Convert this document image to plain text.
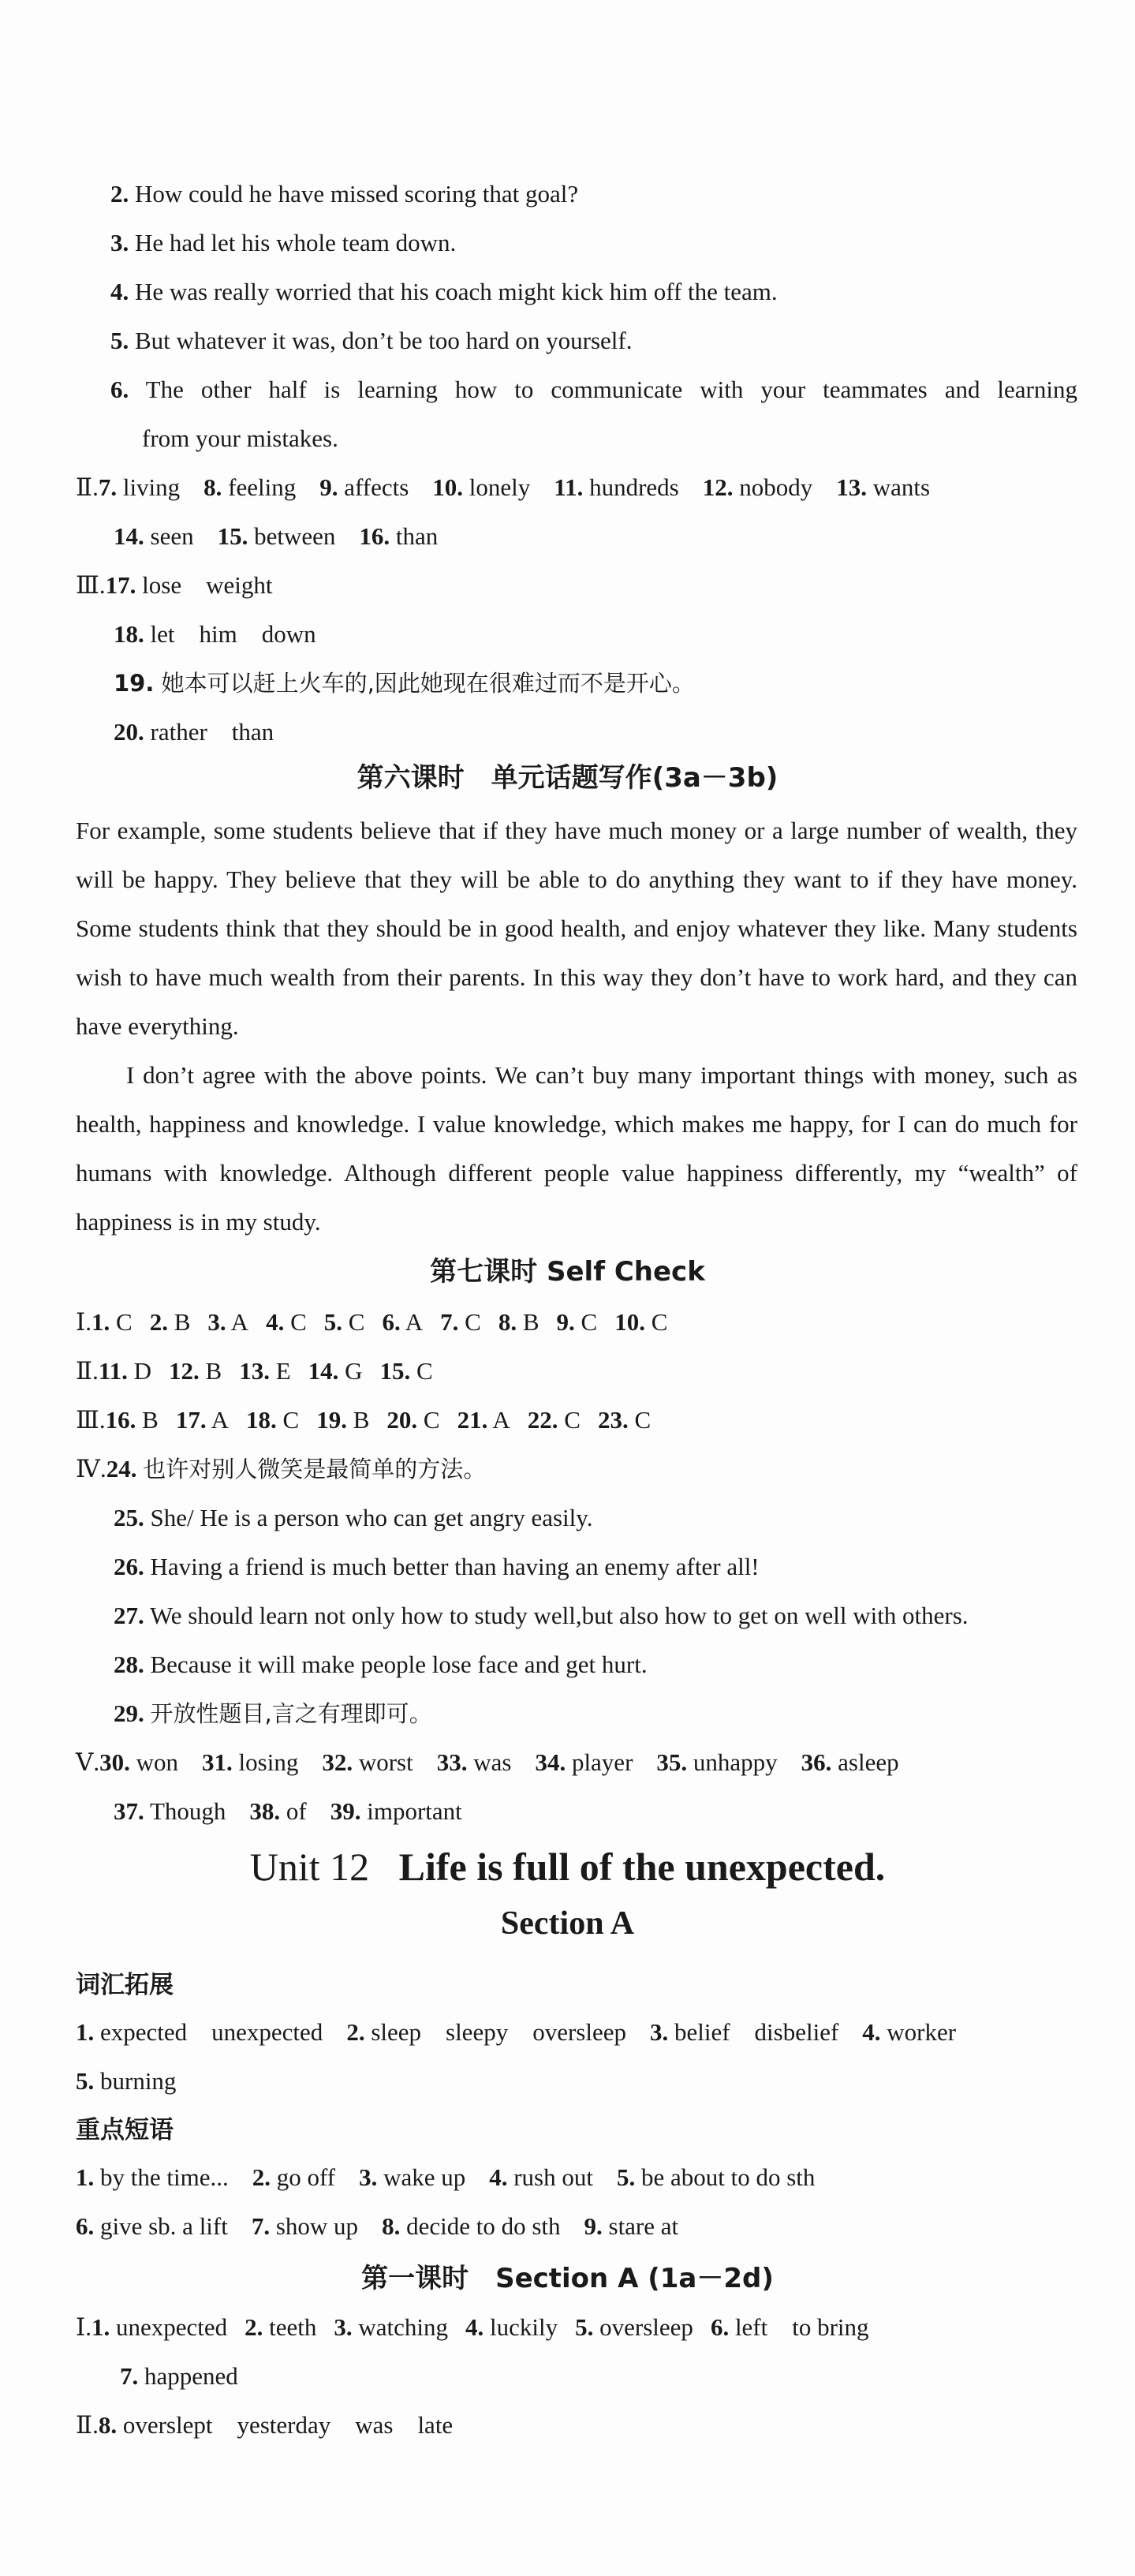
2. How could he have missed scoring that goal?
3. He had let his whole team down.
4. He was really worried that his coach might kick him off the team.
5. But whatever it was, don’t be too hard on yourself.
6. The other half is learning how to communicate with your teammates and learning
from your mistakes.
Ⅱ.7. living 8. feeling 9. affects 10. lonely 11. hundreds 12. nobody 13. wants
14. seen 15. between 16. than
Ⅲ.17. lose　weight
18. let　him　down
19. 她本可以赶上火车的,因此她现在很难过而不是开心。
20. rather　than
第六课时　单元话题写作(3a－3b)
For example, some students believe that if they have much money or a large number of wealth, they will be happy. They believe that they will be able to do anything they want to if they have money. Some students think that they should be in good health, and enjoy whatever they like. Many students wish to have much wealth from their parents. In this way they don’t have to work hard, and they can have everything.
I don’t agree with the above points. We can’t buy many important things with money, such as health, happiness and knowledge. I value knowledge, which makes me happy, for I can do much for humans with knowledge. Although different people value happiness differently, my “wealth” of happiness is in my study.
第七课时 Self Check
Ⅰ.1. C 2. B 3. A 4. C 5. C 6. A 7. C 8. B 9. C 10. C
Ⅱ.11. D 12. B 13. E 14. G 15. C
Ⅲ.16. B 17. A 18. C 19. B 20. C 21. A 22. C 23. C
Ⅳ.24. 也许对别人微笑是最简单的方法。
25. She/ He is a person who can get angry easily.
26. Having a friend is much better than having an enemy after all!
27. We should learn not only how to study well,but also how to get on well with others.
28. Because it will make people lose face and get hurt.
29. 开放性题目,言之有理即可。
Ⅴ.30. won 31. losing 32. worst 33. was 34. player 35. unhappy 36. asleep
37. Though 38. of 39. important
Unit 12 Life is full of the unexpected.
Section A
词汇拓展
1. expected　unexpected 2. sleep　sleepy　oversleep 3. belief　disbelief 4. worker
5. burning
重点短语
1. by the time... 2. go off 3. wake up 4. rush out 5. be about to do sth
6. give sb. a lift 7. show up 8. decide to do sth 9. stare at
第一课时　Section A (1a－2d)
Ⅰ.1. unexpected 2. teeth 3. watching 4. luckily 5. oversleep 6. left　to bring
7. happened
Ⅱ.8. overslept　yesterday　was　late
